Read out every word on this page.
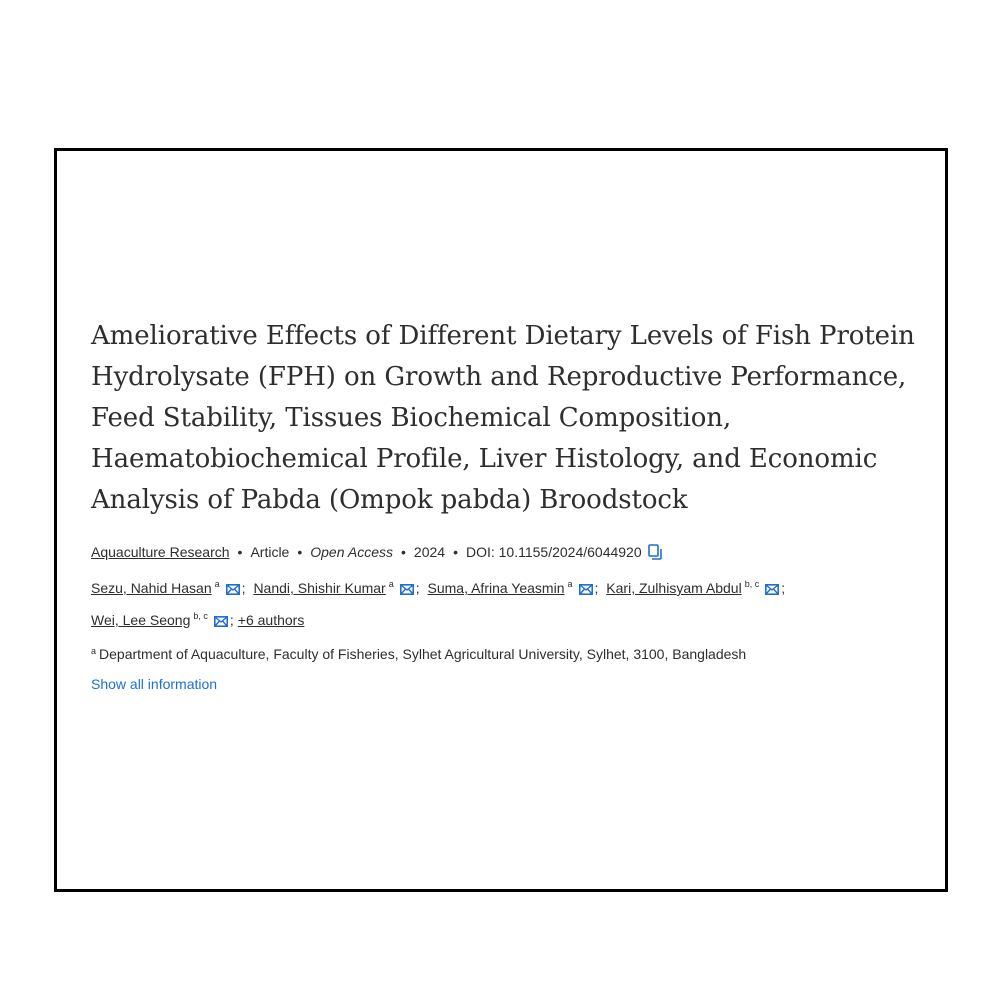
Ameliorative Effects of Different Dietary Levels of Fish Protein
Hydrolysate (FPH) on Growth and Reproductive Performance,
Feed Stability, Tissues Biochemical Composition,
Haematobiochemical Profile, Liver Histology, and Economic
Analysis of Pabda (Ompok pabda) Broodstock
Aquaculture Research • Article • Open Access • 2024 • DOI: 10.1155/2024/6044920
Sezu, Nahid Hasan $^a$ ; Nandi, Shishir Kumar $^a$ ; Suma, Afrina Yeasmin $^a$ ; Kari, Zulhisyam Abdul $^{b, c}$ ;
Wei, Lee Seong $^{b, c}$ ; +6 authors
$^a$ Department of Aquaculture, Faculty of Fisheries, Sylhet Agricultural University, Sylhet, 3100, Bangladesh
Show all information
